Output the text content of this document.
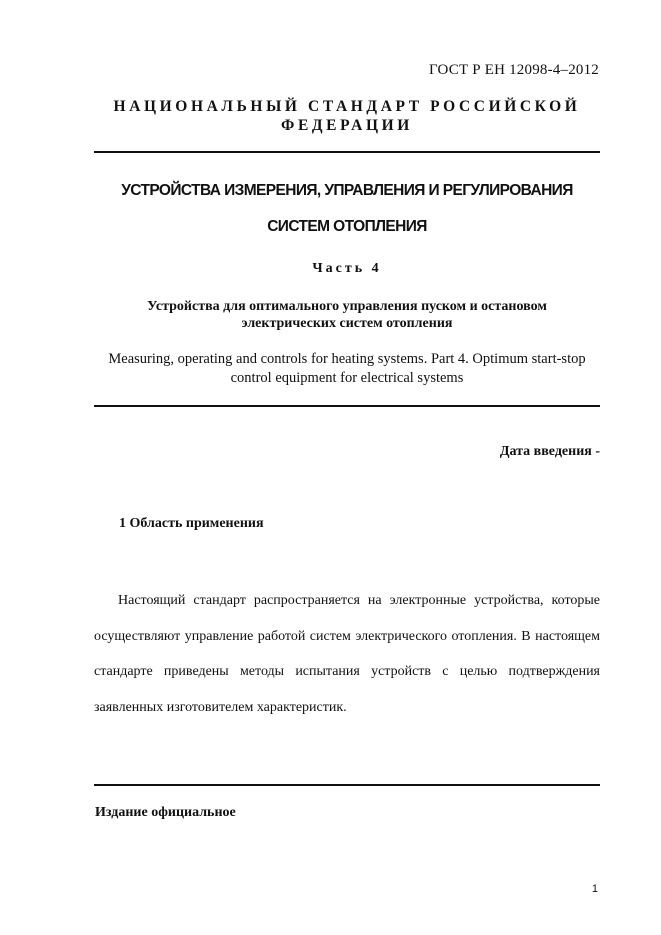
ГОСТ Р ЕН 12098-4–2012
НАЦИОНАЛЬНЫЙ СТАНДАРТ РОССИЙСКОЙ ФЕДЕРАЦИИ
УСТРОЙСТВА ИЗМЕРЕНИЯ, УПРАВЛЕНИЯ И РЕГУЛИРОВАНИЯ
СИСТЕМ ОТОПЛЕНИЯ
Часть 4
Устройства для оптимального управления пуском и остановом электрических систем отопления
Measuring, operating and controls for heating systems. Part 4. Optimum start-stop control equipment for electrical systems
Дата введения -
1 Область применения

Настоящий стандарт распространяется на электронные устройства, которые осуществляют управление работой систем электрического отопления. В настоящем стандарте приведены методы испытания устройств с целью подтверждения заявленных изготовителем характеристик.

Издание официальное
1
